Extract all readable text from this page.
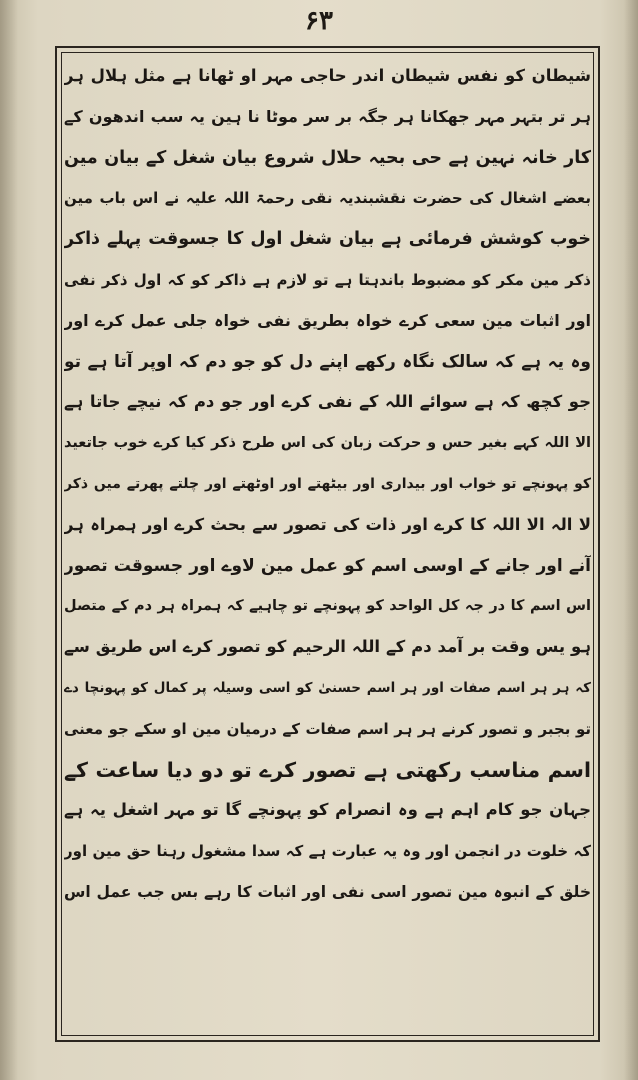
۶۳
شیطان کو نفس شیطان اندر حاجی مہر او ٹھانا ہے مثل ہلال ہر
ہر تر بتہر مہر جھکانا ہر جگہ بر سر موٹا نا ہین یہ سب اندھون کے
کار خانہ نہین ہے حی بحیہ حلال شروع بیان شغل کے بیان مین
بعضے اشغال کی حضرت نقشبندیہ نقی رحمۃ اللہ علیہ نے اس باب مین
خوب کوشش فرمائی ہے بیان شغل اول کا جسوقت پہلے ذاکر
ذکر مین مکر کو مضبوط باندہتا ہے تو لازم ہے ذاکر کو کہ اول ذکر نفی
اور اثبات مین سعی کرے خواہ بطریق نفی خواہ جلی عمل کرے اور
وہ یہ ہے کہ سالک نگاہ رکھے اپنے دل کو جو دم کہ اوپر آتا ہے تو
جو کچھ کہ ہے سوائے اللہ کے نفی کرے اور جو دم کہ نیچے جاتا ہے
الا اللہ کہے بغیر حس و حرکت زبان کی اس طرح ذکر کیا کرے خوب جاتعید
کو پہونچے تو خواب اور بیداری اور بیٹھتے اور اوٹھتے اور چلتے پھرتے میں ذکر
لا الہ الا اللہ کا کرے اور ذات کی تصور سے بحث کرے اور ہمراہ ہر
آنے اور جانے کے اوسی اسم کو عمل مین لاوے اور جسوقت تصور
اس اسم کا در جہ کل الواحد کو پہونچے تو چاہیے کہ ہمراہ ہر دم کے متصل
ہو یس وقت بر آمد دم کے اللہ الرحیم کو تصور کرے اس طریق سے
کہ ہر ہر اسم صفات اور ہر اسم حسنیٰ کو اسی وسیلہ پر کمال کو پہونچا دے
تو بجبر و تصور کرنے ہر ہر اسم صفات کے درمیان مین او سکے جو معنی
اسم مناسب رکھتی ہے تصور کرے تو دو دیا ساعت کے
جہان جو کام اہم ہے وہ انصرام کو پہونچے گا تو مہر اشغل یہ ہے
کہ خلوت در انجمن اور وہ یہ عبارت ہے کہ سدا مشغول رہنا حق مین اور
خلق کے انبوہ مین تصور اسی نفی اور اثبات کا رہے بس جب عمل اس
